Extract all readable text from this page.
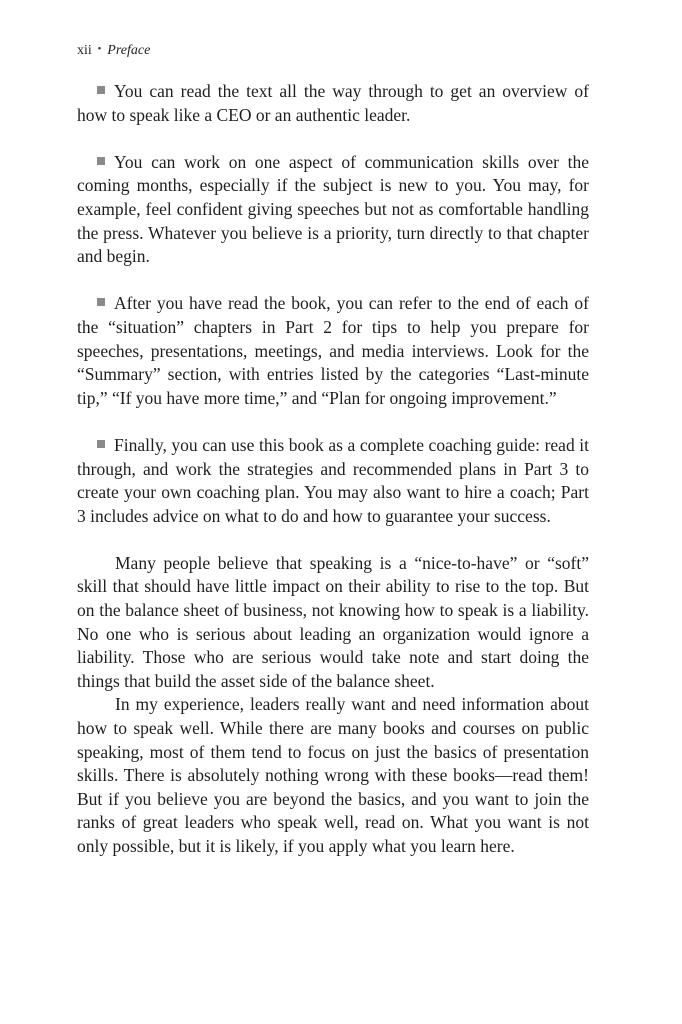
xii • Preface

You can read the text all the way through to get an overview of how to speak like a CEO or an authentic leader.

You can work on one aspect of communication skills over the coming months, especially if the subject is new to you. You may, for example, feel confident giving speeches but not as comfortable handling the press. Whatever you believe is a priority, turn directly to that chapter and begin.

After you have read the book, you can refer to the end of each of the “situation” chapters in Part 2 for tips to help you prepare for speeches, presentations, meetings, and media interviews. Look for the “Summary” section, with entries listed by the categories “Last-minute tip,” “If you have more time,” and “Plan for ongoing improvement.”

Finally, you can use this book as a complete coaching guide: read it through, and work the strategies and recommended plans in Part 3 to create your own coaching plan. You may also want to hire a coach; Part 3 includes advice on what to do and how to guarantee your success.

Many people believe that speaking is a “nice-to-have” or “soft” skill that should have little impact on their ability to rise to the top. But on the balance sheet of business, not knowing how to speak is a liability. No one who is serious about leading an organization would ignore a liability. Those who are serious would take note and start doing the things that build the asset side of the balance sheet.

In my experience, leaders really want and need information about how to speak well. While there are many books and courses on public speaking, most of them tend to focus on just the basics of presentation skills. There is absolutely nothing wrong with these books—read them! But if you believe you are beyond the basics, and you want to join the ranks of great leaders who speak well, read on. What you want is not only possible, but it is likely, if you apply what you learn here.
